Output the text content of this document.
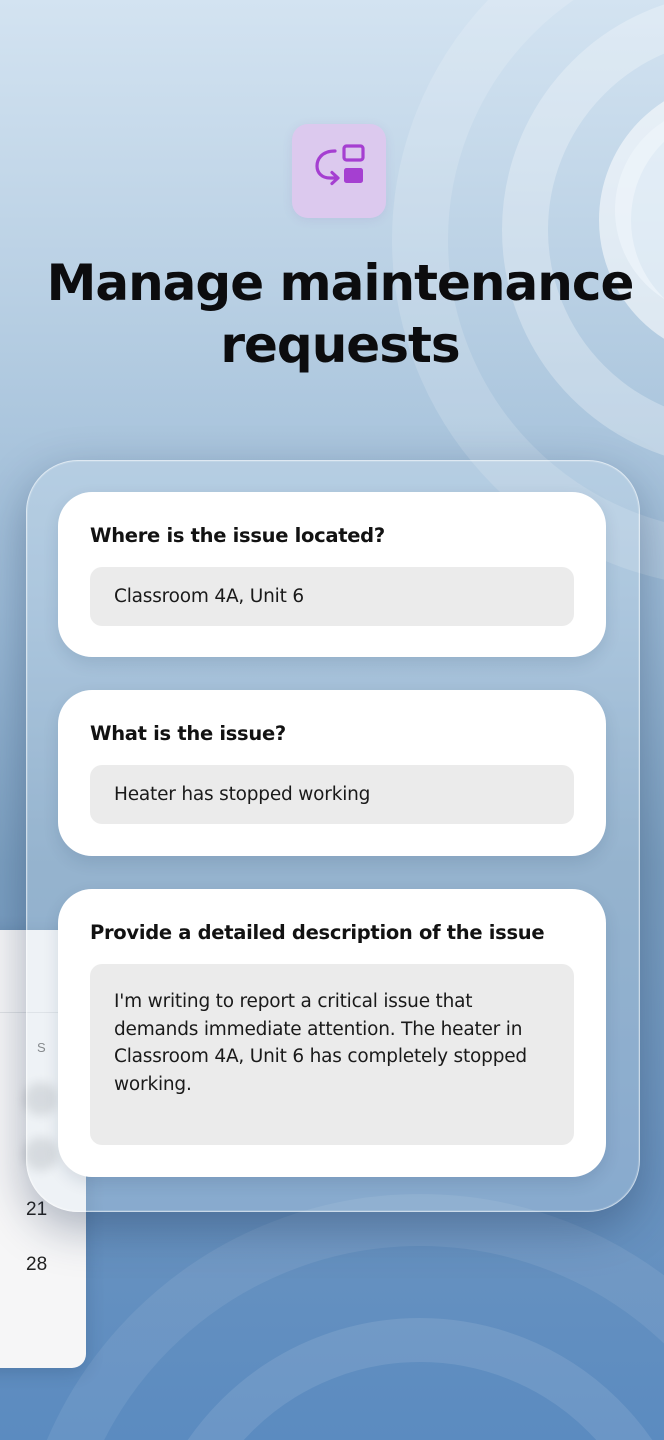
S
21
28
Manage maintenance requests

Where is the issue located?

Classroom 4A, Unit 6

What is the issue?

Heater has stopped working

Provide a detailed description of the issue

I'm writing to report a critical issue that demands immediate attention. The heater in Classroom 4A, Unit 6 has completely stopped working.
